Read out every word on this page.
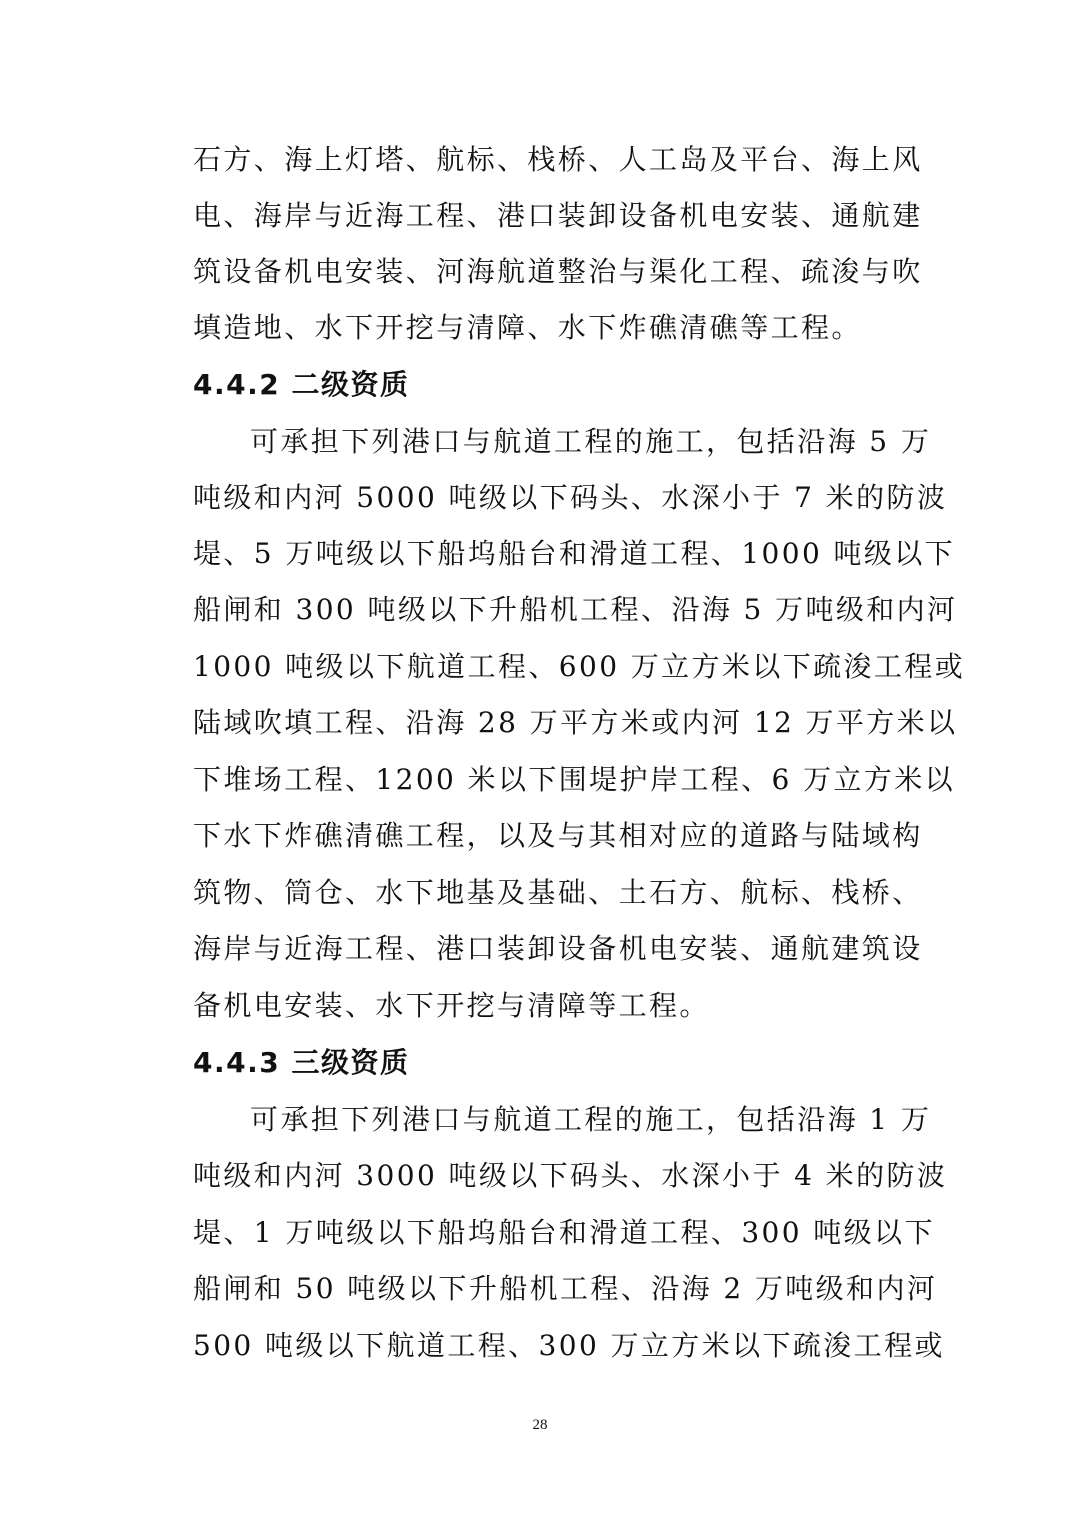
石方、海上灯塔、航标、栈桥、人工岛及平台、海上风
电、海岸与近海工程、港口装卸设备机电安装、通航建
筑设备机电安装、河海航道整治与渠化工程、疏浚与吹
填造地、水下开挖与清障、水下炸礁清礁等工程。
4.4.2 二级资质
可承担下列港口与航道工程的施工，包括沿海 5 万
吨级和内河 5000 吨级以下码头、水深小于 7 米的防波
堤、5 万吨级以下船坞船台和滑道工程、1000 吨级以下
船闸和 300 吨级以下升船机工程、沿海 5 万吨级和内河
1000 吨级以下航道工程、600 万立方米以下疏浚工程或
陆域吹填工程、沿海 28 万平方米或内河 12 万平方米以
下堆场工程、1200 米以下围堤护岸工程、6 万立方米以
下水下炸礁清礁工程，以及与其相对应的道路与陆域构
筑物、筒仓、水下地基及基础、土石方、航标、栈桥、
海岸与近海工程、港口装卸设备机电安装、通航建筑设
备机电安装、水下开挖与清障等工程。
4.4.3 三级资质
可承担下列港口与航道工程的施工，包括沿海 1 万
吨级和内河 3000 吨级以下码头、水深小于 4 米的防波
堤、1 万吨级以下船坞船台和滑道工程、300 吨级以下
船闸和 50 吨级以下升船机工程、沿海 2 万吨级和内河
500 吨级以下航道工程、300 万立方米以下疏浚工程或
28
